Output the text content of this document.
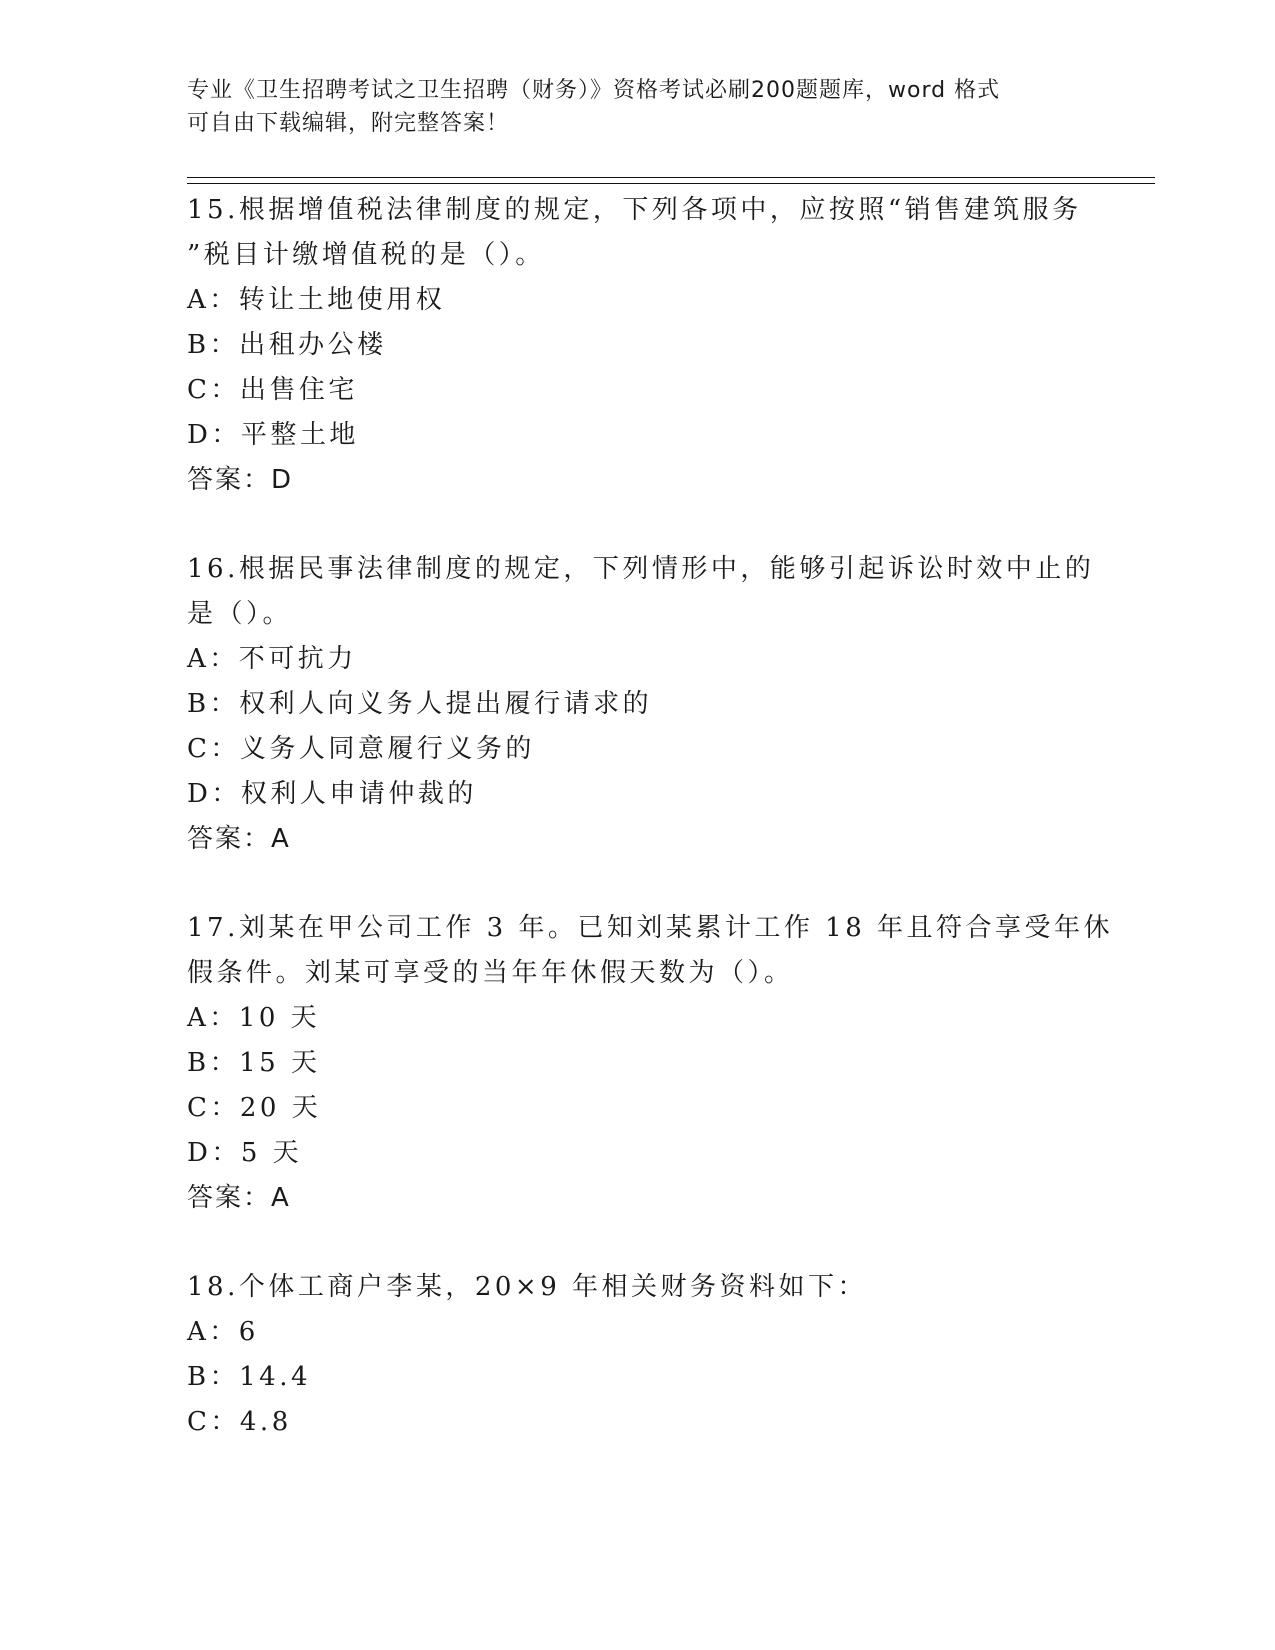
专业《卫生招聘考试之卫生招聘（财务）》资格考试必刷200题题库，word 格式
可自由下载编辑，附完整答案！
15.根据增值税法律制度的规定，下列各项中，应按照“销售建筑服务
”税目计缴增值税的是（）。
A：转让土地使用权
B：出租办公楼
C：出售住宅
D：平整土地
答案：D
16.根据民事法律制度的规定，下列情形中，能够引起诉讼时效中止的
是（）。
A：不可抗力
B：权利人向义务人提出履行请求的
C：义务人同意履行义务的
D：权利人申请仲裁的
答案：A
17.刘某在甲公司工作 3 年。已知刘某累计工作 18 年且符合享受年休
假条件。刘某可享受的当年年休假天数为（）。
A：10 天
B：15 天
C：20 天
D：5 天
答案：A
18.个体工商户李某，20×9 年相关财务资料如下：
A：6
B：14.4
C：4.8
